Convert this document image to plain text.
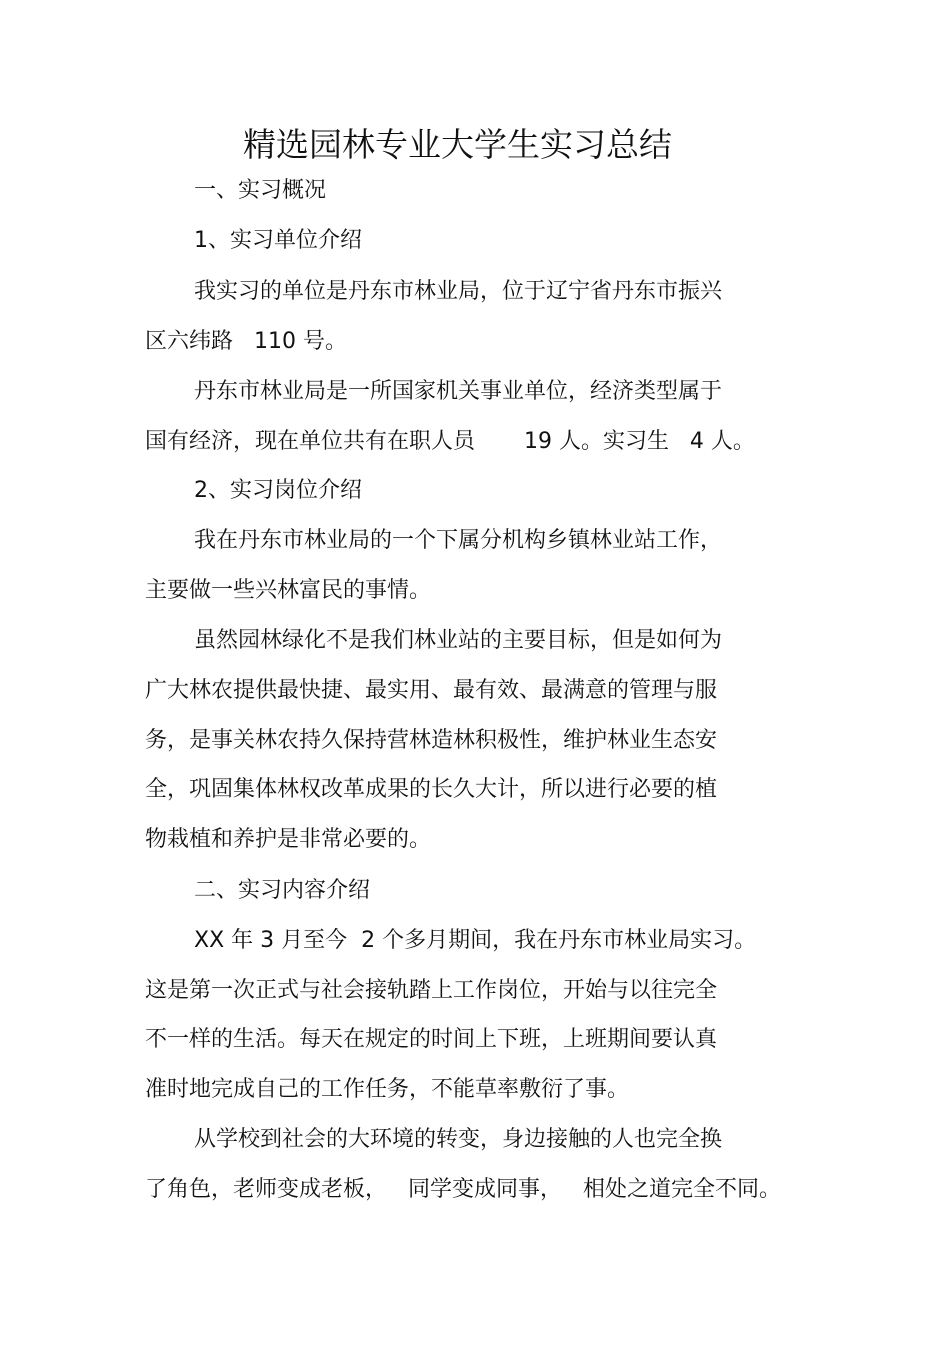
精选园林专业大学生实习总结
一、实习概况
1、实习单位介绍
我实习的单位是丹东市林业局，位于辽宁省丹东市振兴
区六纬路   110 号。
丹东市林业局是一所国家机关事业单位，经济类型属于
国有经济，现在单位共有在职人员       19 人。实习生   4 人。
2、实习岗位介绍
我在丹东市林业局的一个下属分机构乡镇林业站工作，
主要做一些兴林富民的事情。
虽然园林绿化不是我们林业站的主要目标，但是如何为
广大林农提供最快捷、最实用、最有效、最满意的管理与服
务，是事关林农持久保持营林造林积极性，维护林业生态安
全，巩固集体林权改革成果的长久大计，所以进行必要的植
物栽植和养护是非常必要的。
二、实习内容介绍
XX 年 3 月至今  2 个多月期间，我在丹东市林业局实习。
这是第一次正式与社会接轨踏上工作岗位，开始与以往完全
不一样的生活。每天在规定的时间上下班，上班期间要认真
准时地完成自己的工作任务，不能草率敷衍了事。
从学校到社会的大环境的转变，身边接触的人也完全换
了角色，老师变成老板，   同学变成同事，   相处之道完全不同。
